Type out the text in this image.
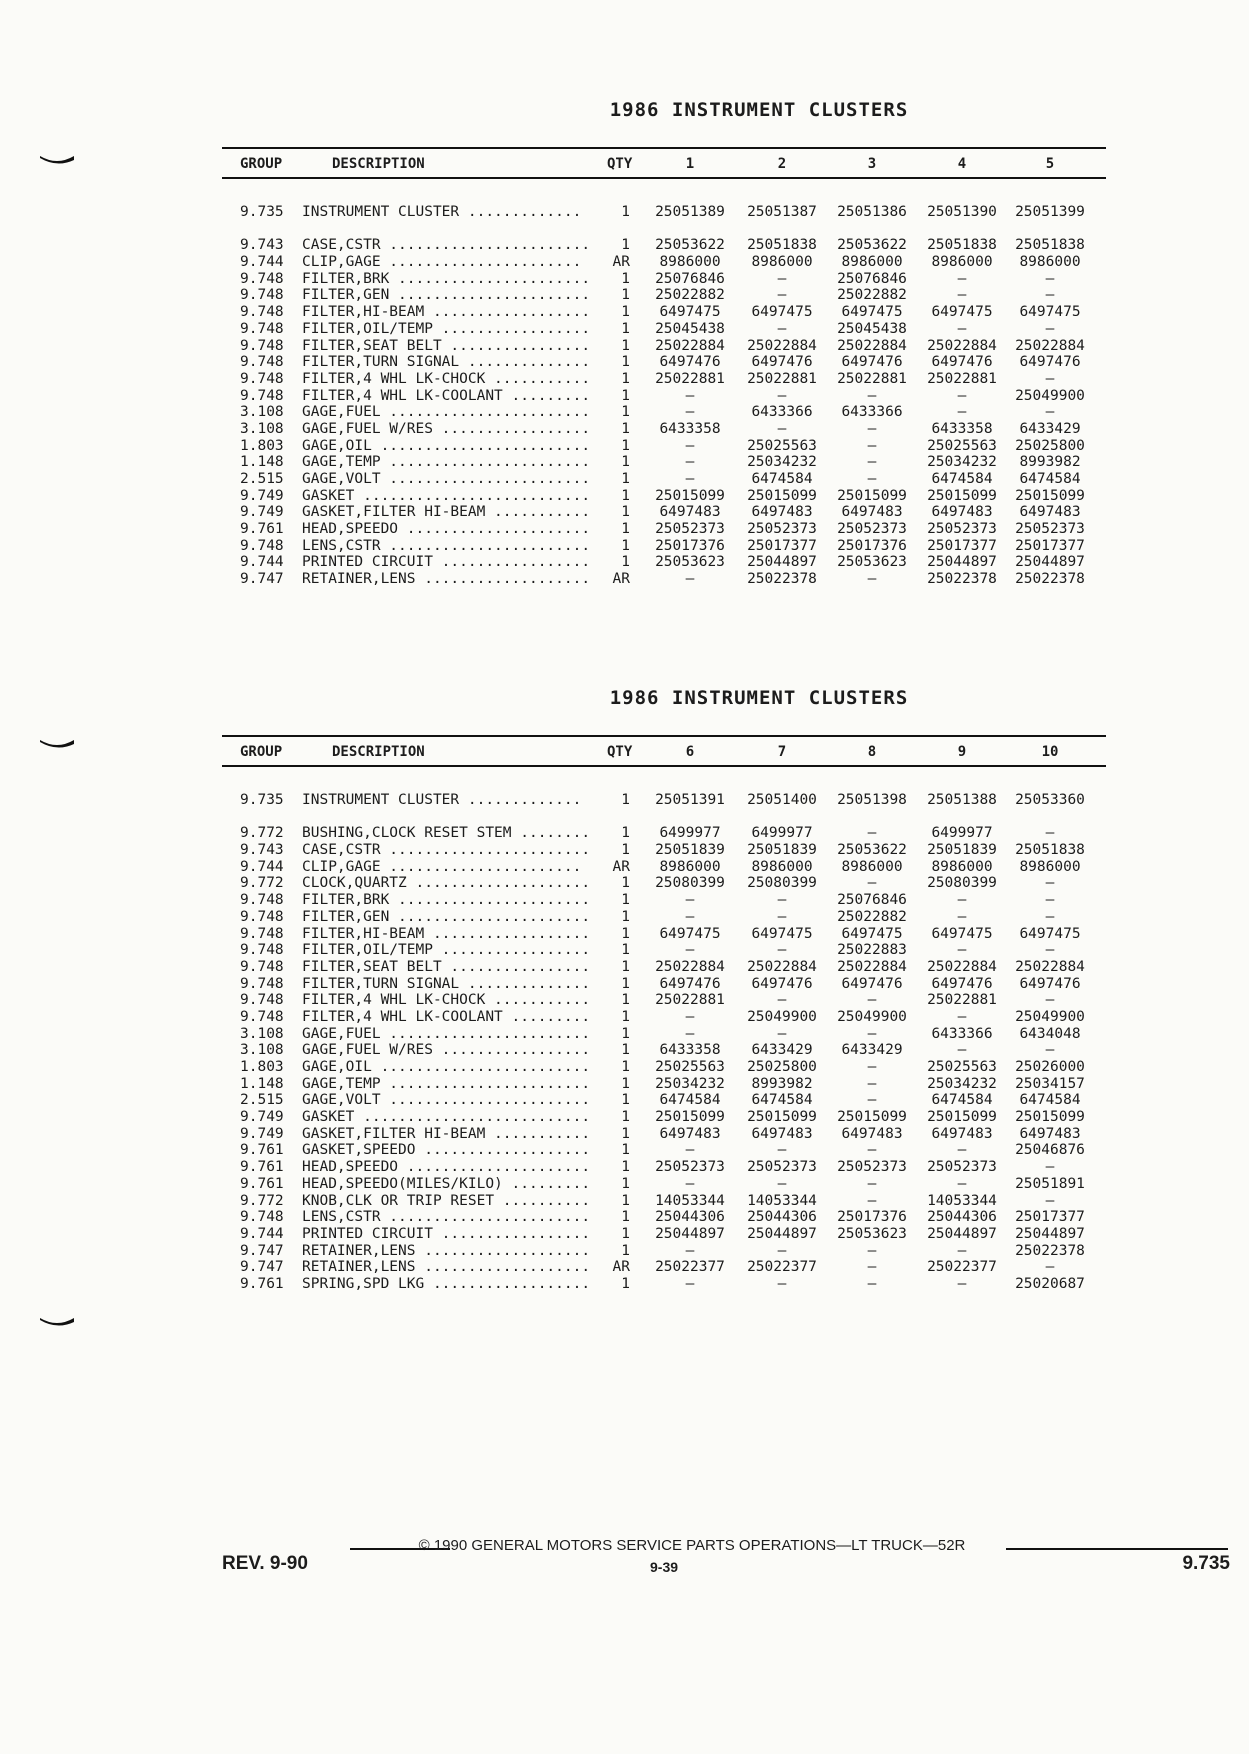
1986 INSTRUMENT CLUSTERS
GROUP	DESCRIPTION	QTY	1	2	3	4	5
9.735	INSTRUMENT CLUSTER .............	1	25051389	25051387	25051386	25051390	25051399
9.743	CASE,CSTR .......................	1	25053622	25051838	25053622	25051838	25051838
9.744	CLIP,GAGE ......................	AR	8986000	8986000	8986000	8986000	8986000
9.748	FILTER,BRK ......................	1	25076846	—	25076846	—	—
9.748	FILTER,GEN ......................	1	25022882	—	25022882	—	—
9.748	FILTER,HI-BEAM ..................	1	6497475	6497475	6497475	6497475	6497475
9.748	FILTER,OIL/TEMP .................	1	25045438	—	25045438	—	—
9.748	FILTER,SEAT BELT ................	1	25022884	25022884	25022884	25022884	25022884
9.748	FILTER,TURN SIGNAL ..............	1	6497476	6497476	6497476	6497476	6497476
9.748	FILTER,4 WHL LK-CHOCK ...........	1	25022881	25022881	25022881	25022881	—
9.748	FILTER,4 WHL LK-COOLANT .........	1	—	—	—	—	25049900
3.108	GAGE,FUEL .......................	1	—	6433366	6433366	—	—
3.108	GAGE,FUEL W/RES .................	1	6433358	—	—	6433358	6433429
1.803	GAGE,OIL ........................	1	—	25025563	—	25025563	25025800
1.148	GAGE,TEMP .......................	1	—	25034232	—	25034232	8993982
2.515	GAGE,VOLT .......................	1	—	6474584	—	6474584	6474584
9.749	GASKET ..........................	1	25015099	25015099	25015099	25015099	25015099
9.749	GASKET,FILTER HI-BEAM ...........	1	6497483	6497483	6497483	6497483	6497483
9.761	HEAD,SPEEDO .....................	1	25052373	25052373	25052373	25052373	25052373
9.748	LENS,CSTR .......................	1	25017376	25017377	25017376	25017377	25017377
9.744	PRINTED CIRCUIT .................	1	25053623	25044897	25053623	25044897	25044897
9.747	RETAINER,LENS ...................	AR	—	25022378	—	25022378	25022378
1986 INSTRUMENT CLUSTERS
GROUP	DESCRIPTION	QTY	6	7	8	9	10
9.735	INSTRUMENT CLUSTER .............	1	25051391	25051400	25051398	25051388	25053360
9.772	BUSHING,CLOCK RESET STEM ........	1	6499977	6499977	—	6499977	—
9.743	CASE,CSTR .......................	1	25051839	25051839	25053622	25051839	25051838
9.744	CLIP,GAGE ......................	AR	8986000	8986000	8986000	8986000	8986000
9.772	CLOCK,QUARTZ ....................	1	25080399	25080399	—	25080399	—
9.748	FILTER,BRK ......................	1	—	—	25076846	—	—
9.748	FILTER,GEN ......................	1	—	—	25022882	—	—
9.748	FILTER,HI-BEAM ..................	1	6497475	6497475	6497475	6497475	6497475
9.748	FILTER,OIL/TEMP .................	1	—	—	25022883	—	—
9.748	FILTER,SEAT BELT ................	1	25022884	25022884	25022884	25022884	25022884
9.748	FILTER,TURN SIGNAL ..............	1	6497476	6497476	6497476	6497476	6497476
9.748	FILTER,4 WHL LK-CHOCK ...........	1	25022881	—	—	25022881	—
9.748	FILTER,4 WHL LK-COOLANT .........	1	—	25049900	25049900	—	25049900
3.108	GAGE,FUEL .......................	1	—	—	—	6433366	6434048
3.108	GAGE,FUEL W/RES .................	1	6433358	6433429	6433429	—	—
1.803	GAGE,OIL ........................	1	25025563	25025800	—	25025563	25026000
1.148	GAGE,TEMP .......................	1	25034232	8993982	—	25034232	25034157
2.515	GAGE,VOLT .......................	1	6474584	6474584	—	6474584	6474584
9.749	GASKET ..........................	1	25015099	25015099	25015099	25015099	25015099
9.749	GASKET,FILTER HI-BEAM ...........	1	6497483	6497483	6497483	6497483	6497483
9.761	GASKET,SPEEDO ...................	1	—	—	—	—	25046876
9.761	HEAD,SPEEDO .....................	1	25052373	25052373	25052373	25052373	—
9.761	HEAD,SPEEDO(MILES/KILO) .........	1	—	—	—	—	25051891
9.772	KNOB,CLK OR TRIP RESET ..........	1	14053344	14053344	—	14053344	—
9.748	LENS,CSTR .......................	1	25044306	25044306	25017376	25044306	25017377
9.744	PRINTED CIRCUIT .................	1	25044897	25044897	25053623	25044897	25044897
9.747	RETAINER,LENS ...................	1	—	—	—	—	25022378
9.747	RETAINER,LENS ...................	AR	25022377	25022377	—	25022377	—
9.761	SPRING,SPD LKG ..................	1	—	—	—	—	25020687
© 1990 GENERAL MOTORS SERVICE PARTS OPERATIONS—LT TRUCK—52R
REV. 9-90	9-39	9.735
